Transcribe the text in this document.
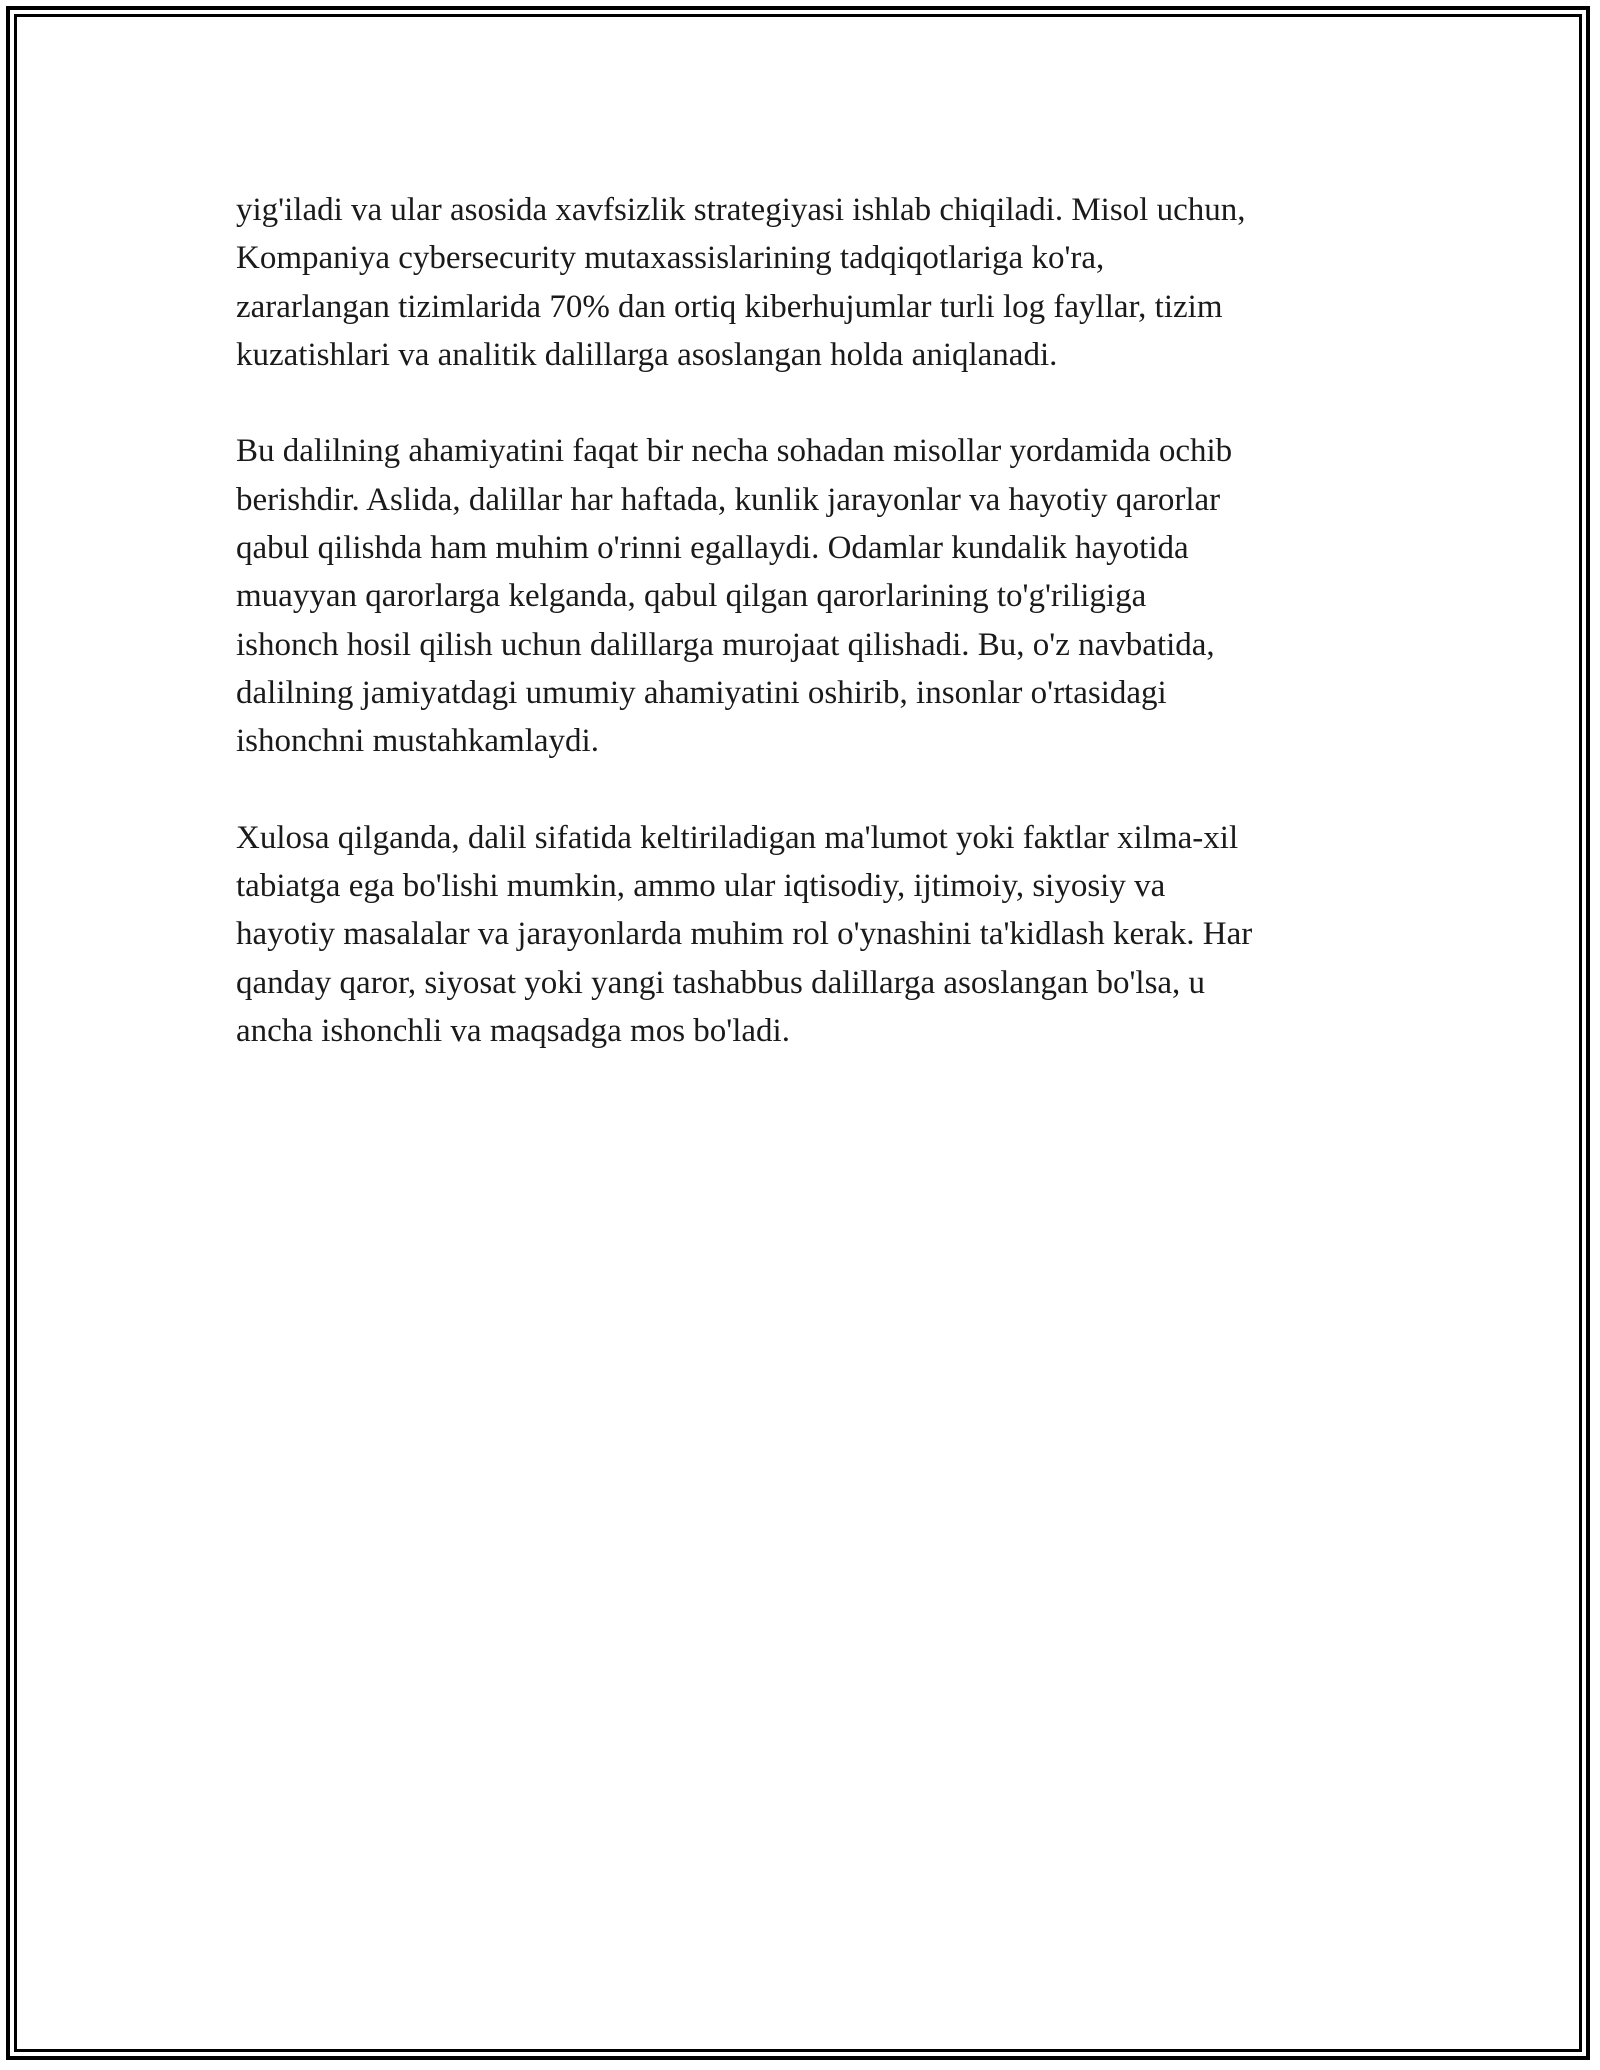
yig'iladi va ular asosida xavfsizlik strategiyasi ishlab chiqiladi. Misol uchun,
Kompaniya cybersecurity mutaxassislarining tadqiqotlariga ko'ra,
zararlangan tizimlarida 70% dan ortiq kiberhujumlar turli log fayllar, tizim
kuzatishlari va analitik dalillarga asoslangan holda aniqlanadi.

Bu dalilning ahamiyatini faqat bir necha sohadan misollar yordamida ochib
berishdir. Aslida, dalillar har haftada, kunlik jarayonlar va hayotiy qarorlar
qabul qilishda ham muhim o'rinni egallaydi. Odamlar kundalik hayotida
muayyan qarorlarga kelganda, qabul qilgan qarorlarining to'g'riligiga
ishonch hosil qilish uchun dalillarga murojaat qilishadi. Bu, o'z navbatida,
dalilning jamiyatdagi umumiy ahamiyatini oshirib, insonlar o'rtasidagi
ishonchni mustahkamlaydi.

Xulosa qilganda, dalil sifatida keltiriladigan ma'lumot yoki faktlar xilma-xil
tabiatga ega bo'lishi mumkin, ammo ular iqtisodiy, ijtimoiy, siyosiy va
hayotiy masalalar va jarayonlarda muhim rol o'ynashini ta'kidlash kerak. Har
qanday qaror, siyosat yoki yangi tashabbus dalillarga asoslangan bo'lsa, u
ancha ishonchli va maqsadga mos bo'ladi.
